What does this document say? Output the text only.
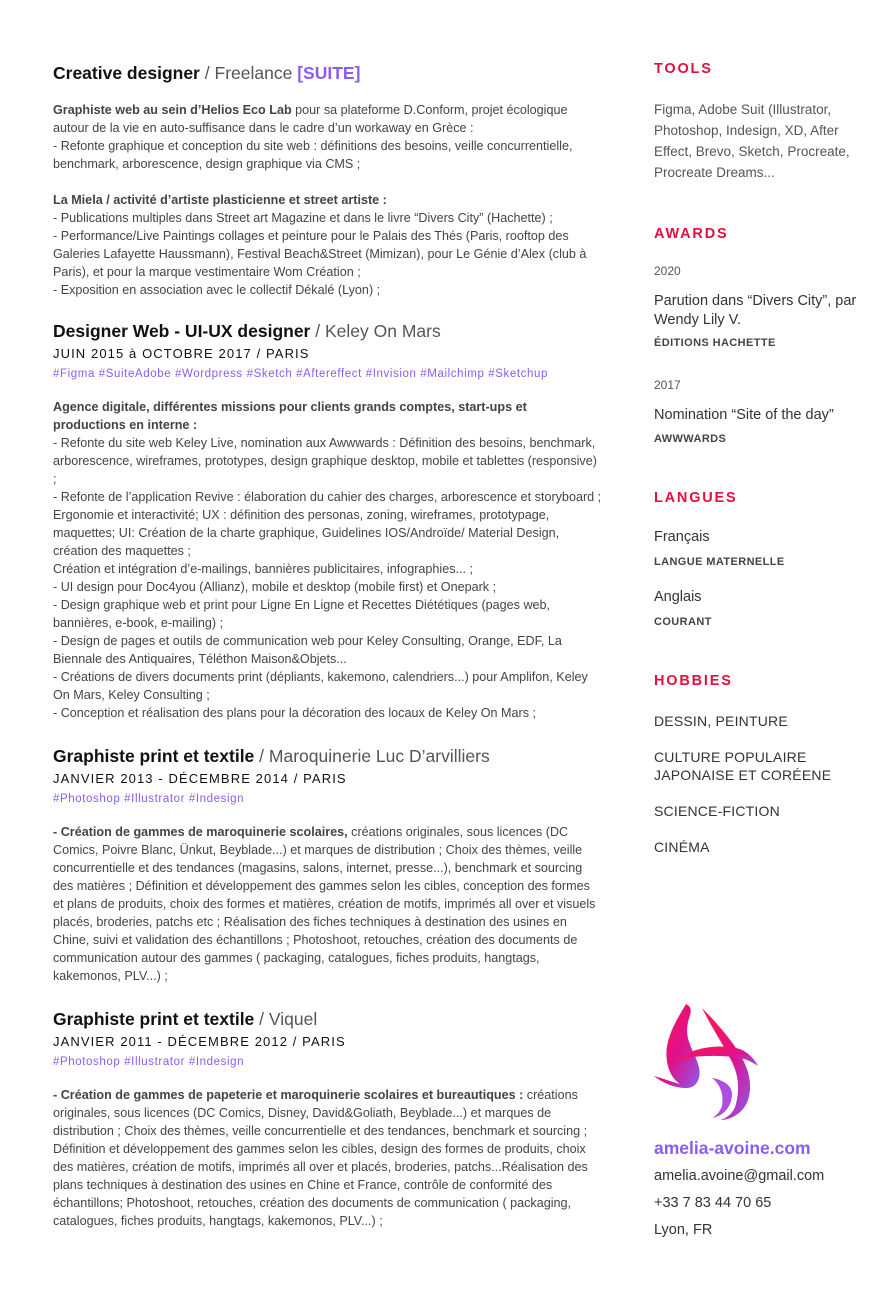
Creative designer / Freelance [SUITE]

Graphiste web au sein d’Helios Eco Lab pour sa plateforme D.Conform, projet écologique autour de la vie en auto-suffisance dans le cadre d’un workaway en Grèce :

- Refonte graphique et conception du site web : définitions des besoins, veille concurrentielle, benchmark, arborescence, design graphique via CMS ;

La Miela / activité d’artiste plasticienne et street artiste :

- Publications multiples dans Street art Magazine et dans le livre “Divers City” (Hachette) ;

- Performance/Live Paintings collages et peinture pour le Palais des Thés (Paris, rooftop des Galeries Lafayette Haussmann), Festival Beach&Street (Mimizan), pour Le Génie d’Alex (club à Paris), et pour la marque vestimentaire Wom Création ;

- Exposition en association avec le collectif Dékalé (Lyon) ;

Designer Web - UI-UX designer / Keley On Mars
JUIN 2015 à OCTOBRE 2017 / PARIS
#Figma #SuiteAdobe #Wordpress #Sketch #Aftereffect #Invision #Mailchimp #Sketchup

Agence digitale, différentes missions pour clients grands comptes, start-ups et productions en interne :

- Refonte du site web Keley Live, nomination aux Awwwards : Définition des besoins, benchmark, arborescence, wireframes, prototypes, design graphique desktop, mobile et tablettes (responsive) ;

- Refonte de l’application Revive : élaboration du cahier des charges, arborescence et storyboard ; Ergonomie et interactivité; UX : définition des personas, zoning, wireframes, prototypage, maquettes; UI: Création de la charte graphique, Guidelines IOS/Androïde/ Material Design, création des maquettes ;

Création et intégration d’e-mailings, bannières publicitaires, infographies... ;

- UI design pour Doc4you (Allianz), mobile et desktop (mobile first) et Onepark ;

- Design graphique web et print pour Ligne En Ligne et Recettes Diététiques (pages web, bannières, e-book, e-mailing) ;

- Design de pages et outils de communication web pour Keley Consulting, Orange, EDF, La Biennale des Antiquaires, Téléthon Maison&Objets...

- Créations de divers documents print (dépliants, kakemono, calendriers...) pour Amplifon, Keley On Mars, Keley Consulting ;

- Conception et réalisation des plans pour la décoration des locaux de Keley On Mars ;

Graphiste print et textile / Maroquinerie Luc D’arvilliers
JANVIER 2013 - DÉCEMBRE 2014 / PARIS
#Photoshop #Illustrator #Indesign

- Création de gammes de maroquinerie scolaires, créations originales, sous licences (DC Comics, Poivre Blanc, Ünkut, Beyblade...) et marques de distribution ; Choix des thèmes, veille concurrentielle et des tendances (magasins, salons, internet, presse...), benchmark et sourcing des matières ; Définition et développement des gammes selon les cibles, conception des formes et plans de produits, choix des formes et matières, création de motifs, imprimés all over et visuels placés, broderies, patchs etc ; Réalisation des fiches techniques à destination des usines en Chine, suivi et validation des échantillons ; Photoshoot, retouches, création des documents de communication autour des gammes ( packaging, catalogues, fiches produits, hangtags, kakemonos, PLV...) ;

Graphiste print et textile / Viquel
JANVIER 2011 - DÉCEMBRE 2012 / PARIS
#Photoshop #Illustrator #Indesign

- Création de gammes de papeterie et maroquinerie scolaires et bureautiques : créations originales, sous licences (DC Comics, Disney, David&Goliath, Beyblade...) et marques de distribution ; Choix des thèmes, veille concurrentielle et des tendances, benchmark et sourcing ; Définition et développement des gammes selon les cibles, design des formes de produits, choix des matières, création de motifs, imprimés all over et placés, broderies, patchs...Réalisation des plans techniques à destination des usines en Chine et France, contrôle de conformité des échantillons; Photoshoot, retouches, création des documents de communication ( packaging, catalogues, fiches produits, hangtags, kakemonos, PLV...) ;

TOOLS
Figma, Adobe Suit (Illustrator, Photoshop, Indesign, XD, After Effect, Brevo, Sketch, Procreate, Procreate Dreams...
AWARDS
2020
Parution dans “Divers City”, par Wendy Lily V.
ÉDITIONS HACHETTE
2017
Nomination “Site of the day”
AWWWARDS
LANGUES
Français
LANGUE MATERNELLE
Anglais
COURANT
HOBBIES
DESSIN, PEINTURE
CULTURE POPULAIRE JAPONAISE ET CORÉENE
SCIENCE-FICTION
CINÉMA
amelia-avoine.com
amelia.avoine@gmail.com
+33 7 83 44 70 65
Lyon, FR
